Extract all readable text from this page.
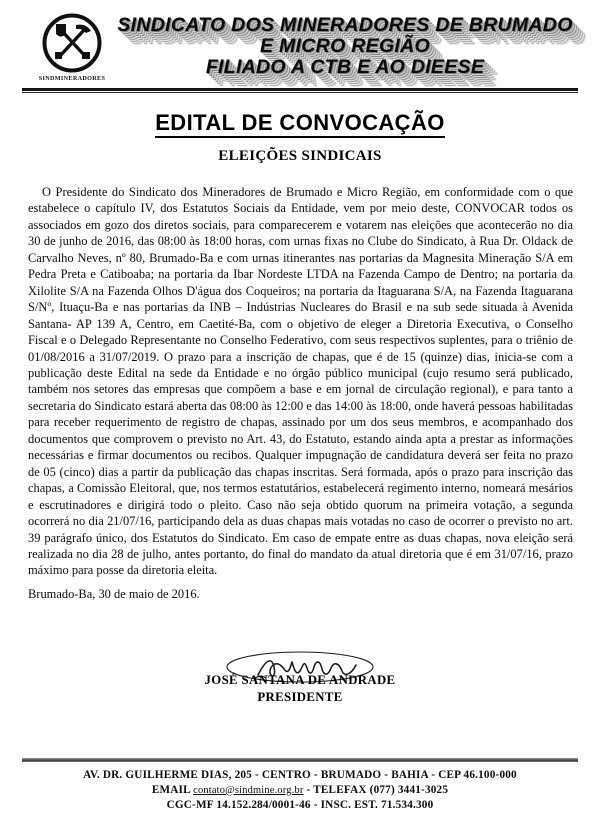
SINDMINERADORES
SINDICATO DOS MINERADORES DE BRUMADO
E MICRO REGIÃO
FILIADO A CTB E AO DIEESE
EDITAL DE CONVOCAÇÃO
ELEIÇÕES SINDICAIS
O Presidente do Sindicato dos Mineradores de Brumado e Micro Região, em conformidade com o que estabelece o capítulo IV, dos Estatutos Sociais da Entidade, vem por meio deste, CONVOCAR todos os associados em gozo dos diretos sociais, para comparecerem e votarem nas eleições que acontecerão no dia 30 de junho de 2016, das 08:00 às 18:00 horas, com urnas fixas no Clube do Sindicato, à Rua Dr. Oldack de Carvalho Neves, nº 80, Brumado-Ba e com urnas itinerantes nas portarias da Magnesita Mineração S/A em Pedra Preta e Catiboaba; na portaria da Ibar Nordeste LTDA na Fazenda Campo de Dentro; na portaria da Xilolite S/A na Fazenda Olhos D'água dos Coqueiros; na portaria da Itaguarana S/A, na Fazenda Itaguarana S/Nº, Ituaçu-Ba e nas portarias da INB – Indústrias Nucleares do Brasil e na sub sede situada à Avenida Santana- AP 139 A, Centro, em Caetité-Ba, com o objetivo de eleger a Diretoria Executiva, o Conselho Fiscal e o Delegado Representante no Conselho Federativo, com seus respectivos suplentes, para o triênio de 01/08/2016 a 31/07/2019. O prazo para a inscrição de chapas, que é de 15 (quinze) dias, inicia-se com a publicação deste Edital na sede da Entidade e no órgão público municipal (cujo resumo será publicado, também nos setores das empresas que compõem a base e em jornal de circulação regional), e para tanto a secretaria do Sindicato estará aberta das 08:00 às 12:00 e das 14:00 às 18:00, onde haverá pessoas habilitadas para receber requerimento de registro de chapas, assinado por um dos seus membros, e acompanhado dos documentos que comprovem o previsto no Art. 43, do Estatuto, estando ainda apta a prestar as informações necessárias e firmar documentos ou recibos. Qualquer impugnação de candidatura deverá ser feita no prazo de 05 (cinco) dias a partir da publicação das chapas inscritas. Será formada, após o prazo para inscrição das chapas, a Comissão Eleitoral, que, nos termos estatutários, estabelecerá regimento interno, nomeará mesários e escrutinadores e dirigirá todo o pleito. Caso não seja obtido quorum na primeira votação, a segunda ocorrerá no dia 21/07/16, participando dela as duas chapas mais votadas no caso de ocorrer o previsto no art. 39 parágrafo único, dos Estatutos do Sindicato. Em caso de empate entre as duas chapas, nova eleição será realizada no dia 28 de julho, antes portanto, do final do mandato da atual diretoria que é em 31/07/16, prazo máximo para posse da diretoria eleita.
Brumado-Ba, 30 de maio de 2016.
JOSÉ SANTANA DE ANDRADE
PRESIDENTE
AV. DR. GUILHERME DIAS, 205 - CENTRO - BRUMADO - BAHIA - CEP 46.100-000
EMAIL contato@sindmine.org.br - TELEFAX (077) 3441-3025
CGC-MF 14.152.284/0001-46 - INSC. EST. 71.534.300
